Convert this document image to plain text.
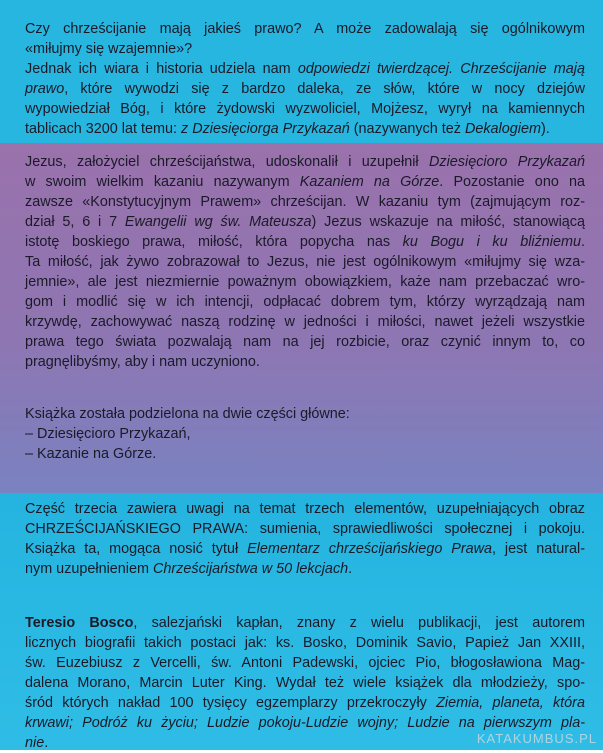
Czy chrześcijanie mają jakieś prawo? A może zadowalają się ogólnikowym
«miłujmy się wzajemnie»?
Jednak ich wiara i historia udziela nam odpowiedzi twierdzącej. Chrześcijanie mają
prawo, które wywodzi się z bardzo daleka, ze słów, które w nocy dziejów
wypowiedział Bóg, i które żydowski wyzwoliciel, Mojżesz, wyrył na kamiennych
tablicach 3200 lat temu: z Dziesięciorga Przykazań (nazywanych też Dekalogiem).
Jezus, założyciel chrześcijaństwa, udoskonalił i uzupełnił Dziesięcioro Przykazań
w swoim wielkim kazaniu nazywanym Kazaniem na Górze. Pozostanie ono na
zawsze «Konstytucyjnym Prawem» chrześcijan. W kazaniu tym (zajmującym roz-
dział 5, 6 i 7 Ewangelii wg św. Mateusza) Jezus wskazuje na miłość, stanowiącą
istotę boskiego prawa, miłość, która popycha nas ku Bogu i ku bliźniemu.
Ta miłość, jak żywo zobrazował to Jezus, nie jest ogólnikowym «miłujmy się wza-
jemnie», ale jest niezmiernie poważnym obowiązkiem, każe nam przebaczać wro-
gom i modlić się w ich intencji, odpłacać dobrem tym, którzy wyrządzają nam
krzywdę, zachowywać naszą rodzinę w jedności i miłości, nawet jeżeli wszystkie
prawa tego świata pozwalają nam na jej rozbicie, oraz czynić innym to, co
pragnęlibyśmy, aby i nam uczyniono.
Książka została podzielona na dwie części główne:
– Dziesięcioro Przykazań,
– Kazanie na Górze.
Część trzecia zawiera uwagi na temat trzech elementów, uzupełniających obraz
CHRZEŚCIJAŃSKIEGO PRAWA: sumienia, sprawiedliwości społecznej i pokoju.
Książka ta, mogąca nosić tytuł Elementarz chrześcijańskiego Prawa, jest natural-
nym uzupełnieniem Chrześcijaństwa w 50 lekcjach.
Teresio Bosco, salezjański kapłan, znany z wielu publikacji, jest autorem
licznych biografii takich postaci jak: ks. Bosko, Dominik Savio, Papież Jan XXIII,
św. Euzebiusz z Vercelli, św. Antoni Padewski, ojciec Pio, błogosławiona Mag-
dalena Morano, Marcin Luter King. Wydał też wiele książek dla młodzieży, spo-
śród których nakład 100 tysięcy egzemplarzy przekroczyły Ziemia, planeta, która
krwawi; Podróż ku życiu; Ludzie pokoju-Ludzie wojny; Ludzie na pierwszym pla-
nie.	KATAKUMBUS.PL
